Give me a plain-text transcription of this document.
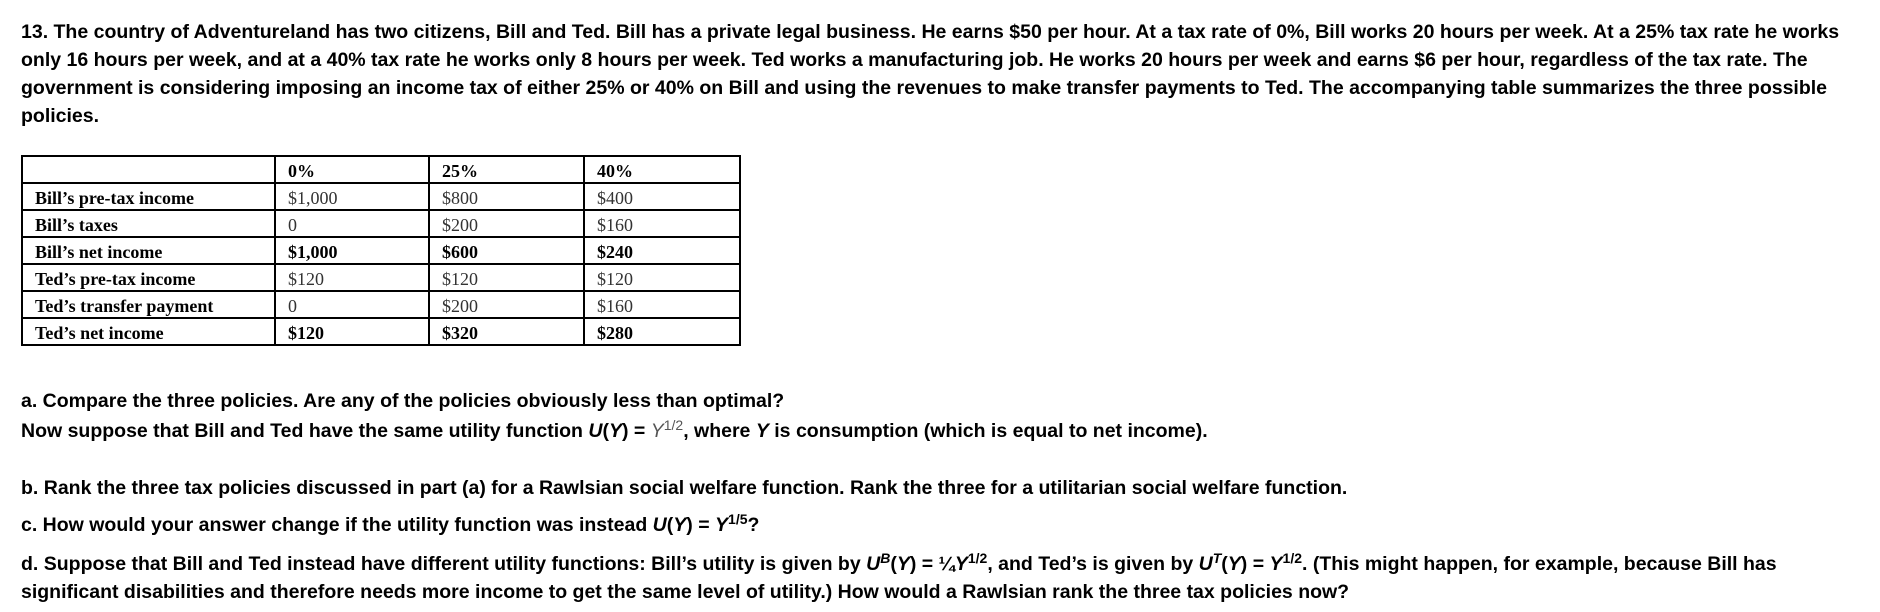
13. The country of Adventureland has two citizens, Bill and Ted. Bill has a private legal business. He earns $50 per hour. At a tax rate of 0%, Bill works 20 hours per week. At a 25% tax rate he works
only 16 hours per week, and at a 40% tax rate he works only 8 hours per week. Ted works a manufacturing job. He works 20 hours per week and earns $6 per hour, regardless of the tax rate. The
government is considering imposing an income tax of either 25% or 40% on Bill and using the revenues to make transfer payments to Ted. The accompanying table summarizes the three possible
policies.
	0%	25%	40%
Bill’s pre-tax income	$1,000	$800	$400
Bill’s taxes	0	$200	$160
Bill’s net income	$1,000	$600	$240
Ted’s pre-tax income	$120	$120	$120
Ted’s transfer payment	0	$200	$160
Ted’s net income	$120	$320	$280

a. Compare the three policies. Are any of the policies obviously less than optimal?

Now suppose that Bill and Ted have the same utility function $U(Y) = Y^{1/2}$, where Y is consumption (which is equal to net income).

b. Rank the three tax policies discussed in part (a) for a Rawlsian social welfare function. Rank the three for a utilitarian social welfare function.

c. How would your answer change if the utility function was instead $U(Y) = Y^{1/5}$?

d. Suppose that Bill and Ted instead have different utility functions: Bill’s utility is given by $U^B(Y)$ = $\frac{1}{4}Y^{1/2}$, and Ted’s is given by $U^T(Y) = Y^{1/2}$. (This might happen, for example, because Bill has
significant disabilities and therefore needs more income to get the same level of utility.) How would a Rawlsian rank the three tax policies now?
